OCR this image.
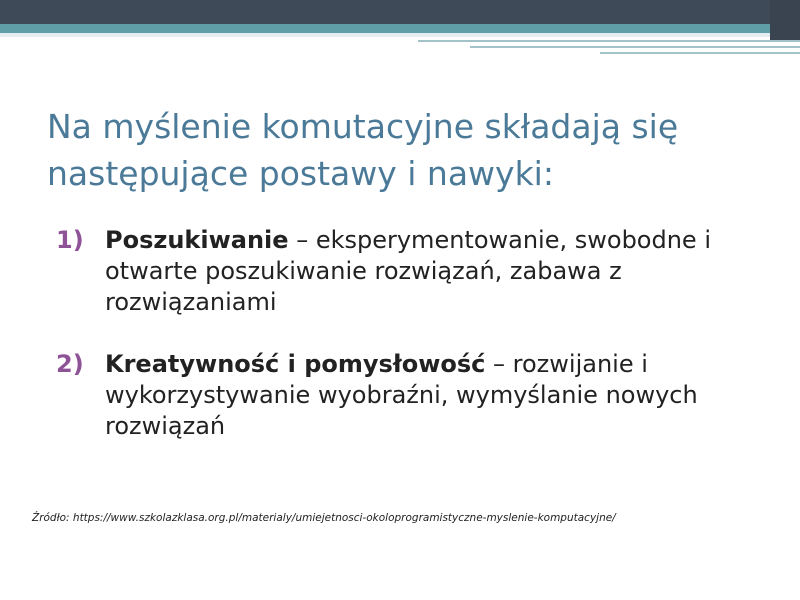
Na myślenie komutacyjne składają się następujące postawy i nawyki:
1) Poszukiwanie – eksperymentowanie, swobodne i otwarte poszukiwanie rozwiązań, zabawa z rozwiązaniami
2) Kreatywność i pomysłowość – rozwijanie i wykorzystywanie wyobraźni, wymyślanie nowych rozwiązań
Źródło: https://www.szkolazklasa.org.pl/materialy/umiejetnosci-okoloprogramistyczne-myslenie-komputacyjne/
